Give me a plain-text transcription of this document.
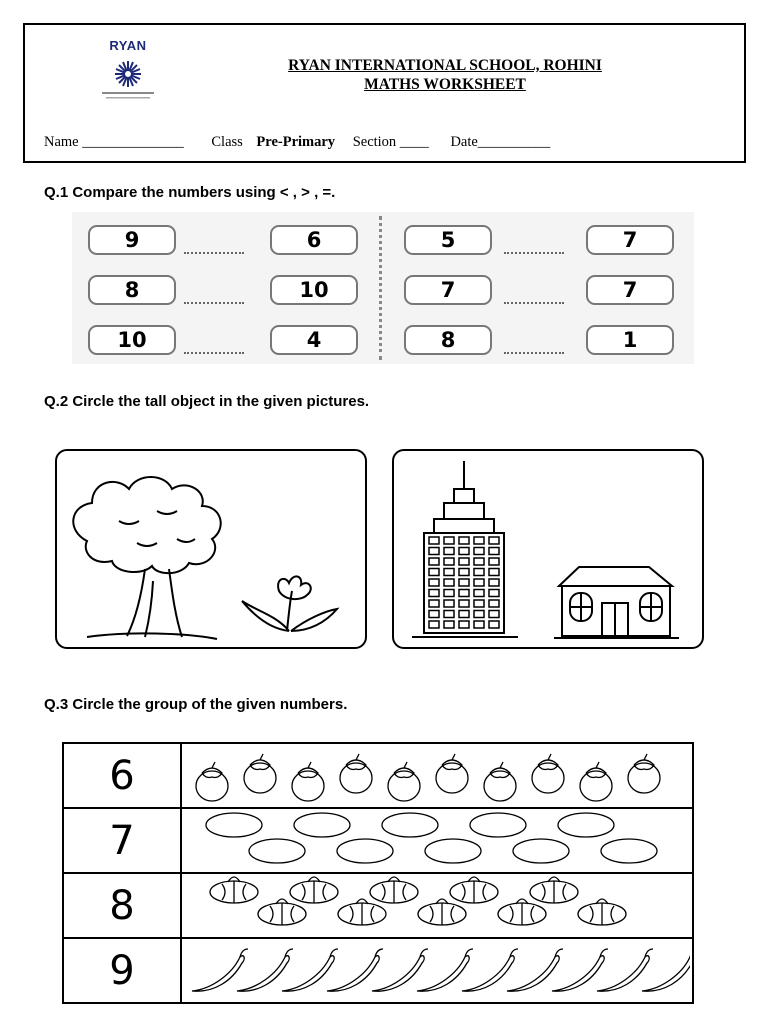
RYAN
RYAN INTERNATIONAL SCHOOL, ROHINI
MATHS WORKSHEET
Name ______________ Class Pre-Primary Section ____ Date__________
Q.1 Compare the numbers using < , > , =.
9	6	5	7
8	10	7	7
10	4	8	1
Q.2 Circle the tall object in the given pictures.
Q.3 Circle the group of the given numbers.
6	
7	
8	
9	
